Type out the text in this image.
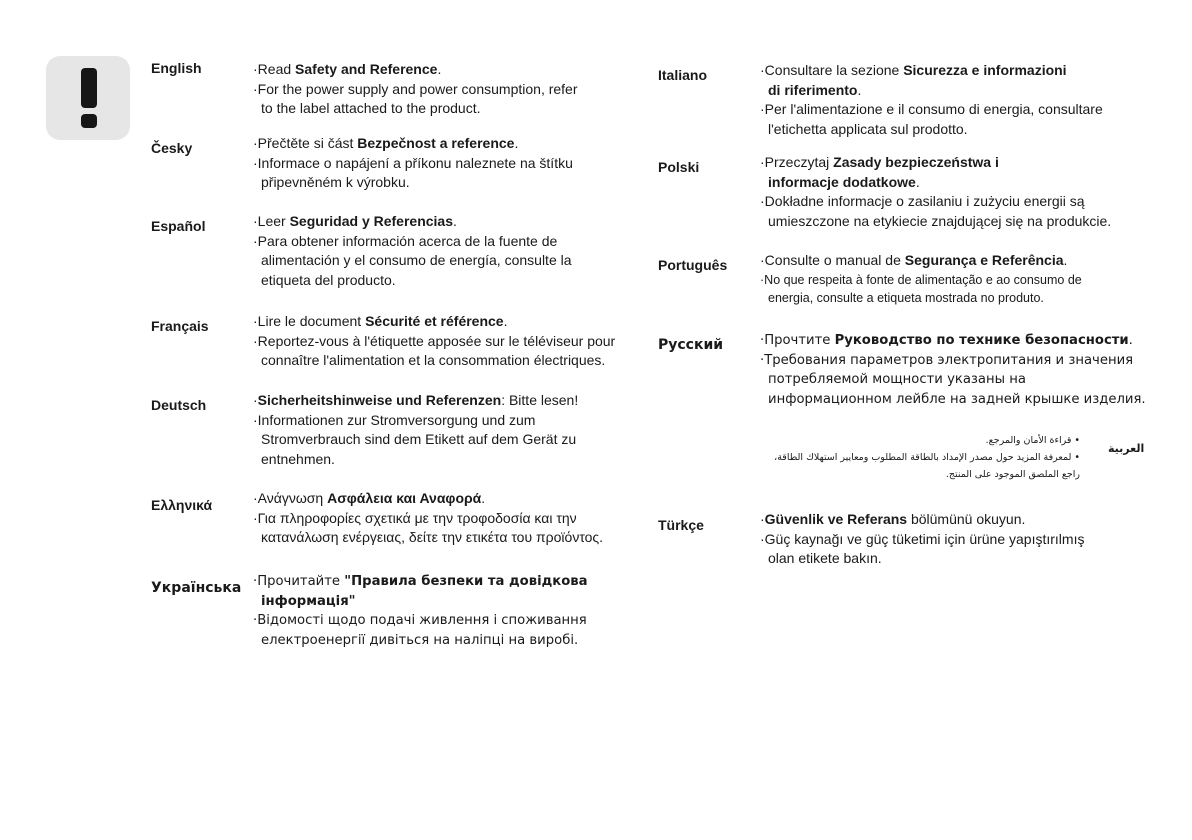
English	·Read Safety and Reference.
·For the power supply and power consumption, refer
to the label attached to the product.
Česky	·Přečtěte si část Bezpečnost a reference.
·Informace o napájení a příkonu naleznete na štítku
připevněném k výrobku.
Español	·Leer Seguridad y Referencias.
·Para obtener información acerca de la fuente de
alimentación y el consumo de energía, consulte la
etiqueta del producto.
Français	·Lire le document Sécurité et référence.
·Reportez-vous à l'étiquette apposée sur le téléviseur pour
connaître l'alimentation et la consommation électriques.
Deutsch	·Sicherheitshinweise und Referenzen: Bitte lesen!
·Informationen zur Stromversorgung und zum
Stromverbrauch sind dem Etikett auf dem Gerät zu
entnehmen.
Ελληνικά	·Ανάγνωση Ασφάλεια και Αναφορά.
·Για πληροφορίες σχετικά με την τροφοδοσία και την
κατανάλωση ενέργειας, δείτε την ετικέτα του προϊόντος.
Українська ·Прочитайте "Правила безпеки та довідкова
інформація"
·Відомості щодо подачі живлення і споживання
електроенергії дивіться на наліпці на виробі.
Italiano	·Consultare la sezione Sicurezza e informazioni
di riferimento.
·Per l'alimentazione e il consumo di energia, consultare
l'etichetta applicata sul prodotto.
Polski	·Przeczytaj Zasady bezpieczeństwa i
informacje dodatkowe.
·Dokładne informacje o zasilaniu i zużyciu energii są
umieszczone na etykiecie znajdującej się na produkcie.
Português ·Consulte o manual de Segurança e Referência.
·No que respeita à fonte de alimentação e ao consumo de
energia, consulte a etiqueta mostrada no produto.
Русский	·Прочтите Руководство по технике безопасности.
·Требования параметров электропитания и значения
потребляемой мощности указаны на
информационном лейбле на задней крышке изделия.
Türkçe	·Güvenlik ve Referans bölümünü okuyun.
·Güç kaynağı ve güç tüketimi için ürüne yapıştırılmış
olan etikete bakın.
العربية
• قراءة الأمان والمرجع.
• لمعرفة المزيد حول مصدر الإمداد بالطاقة المطلوب ومعايير استهلاك الطاقة،
راجع الملصق الموجود على المنتج.
